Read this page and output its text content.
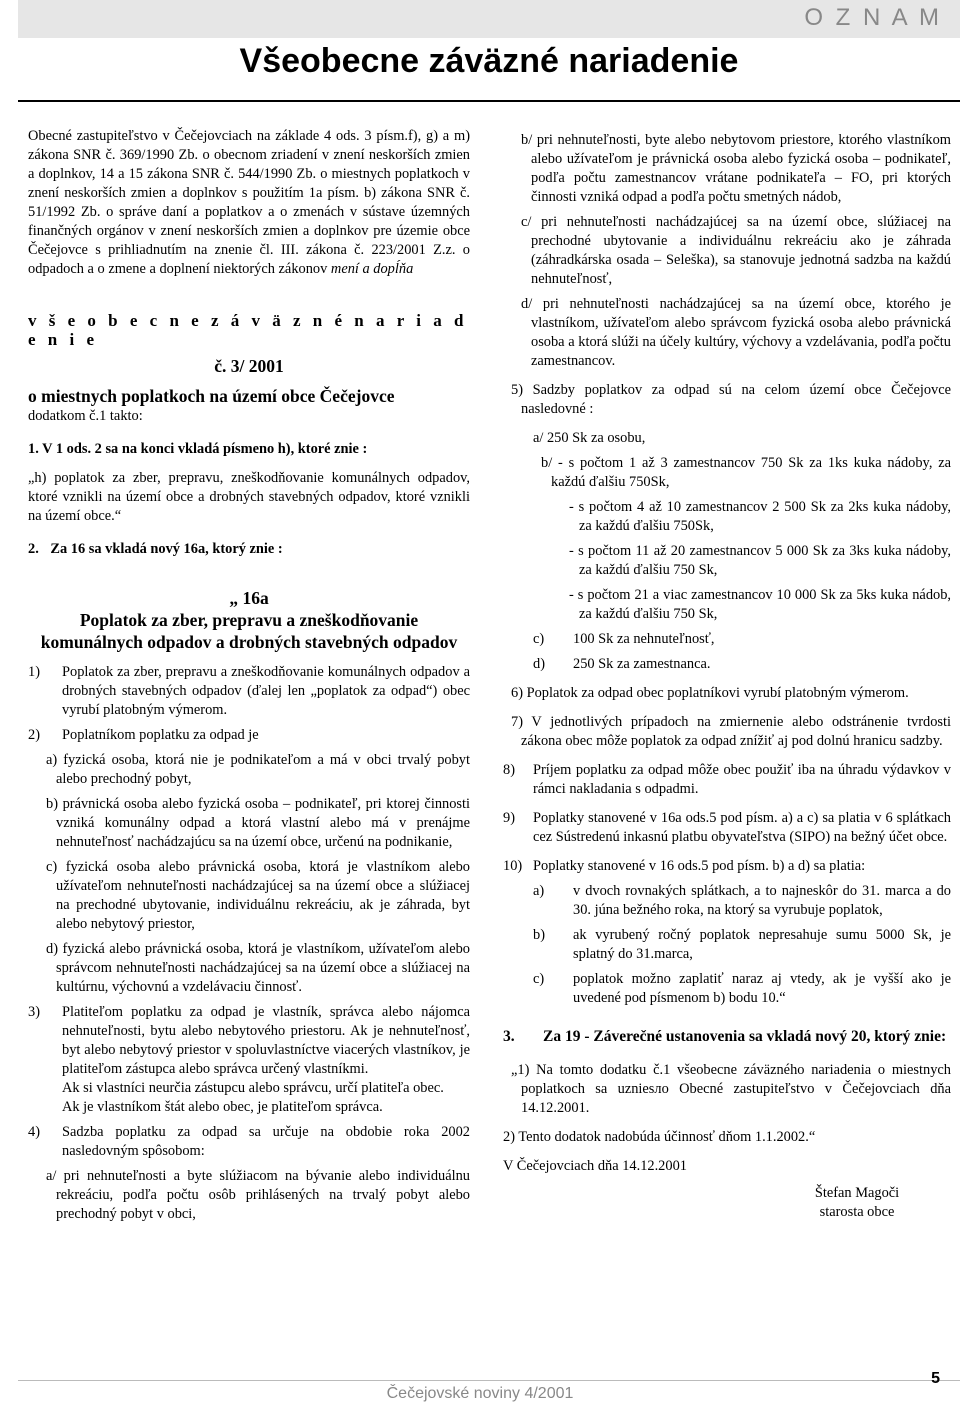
O Z N A M
Všeobecne záväzné nariadenie

Obecné zastupiteľstvo v Čečejovciach na základe 4 ods. 3 písm.f), g) a m) zákona SNR č. 369/1990 Zb. o obecnom zriadení v znení neskorších zmien a doplnkov, 14 a 15 zákona SNR č. 544/1990 Zb. o miestnych poplatkoch v znení neskorších zmien a doplnkov s použitím 1a písm. b) zákona SNR č. 51/1992 Zb. o správe daní a poplatkov a o zmenách v sústave územných finančných orgánov v znení neskorších zmien a doplnkov pre územie obce Čečejovce s prihliadnutím na znenie čl. III. zákona č. 223/2001 Z.z. o odpadoch a o zmene a doplnení niektorých zákonov mení a dopĺňa

v š e o b e c n e z á v ä z n é n a r i a d e n i e

č. 3/ 2001

o miestnych poplatkoch na území obce Čečejovce

dodatkom č.1 takto:

1. V 1 ods. 2 sa na konci vkladá písmeno h), ktoré znie :

„h) poplatok za zber, prepravu, zneškodňovanie komunálnych odpadov, ktoré vznikli na území obce a drobných stavebných odpadov, ktoré vznikli na území obce.“

2. Za 16 sa vkladá nový 16a, ktorý znie :

„ 16a

Poplatok za zber, prepravu a zneškodňovanie komunálnych odpadov a drobných stavebných odpadov

1)	Poplatok za zber, prepravu a zneškodňovanie komunálnych odpadov a drobných stavebných odpadov (ďalej len „poplatok za odpad“) obec vyrubí platobným výmerom.
2)	Poplatníkom poplatku za odpad je

a) fyzická osoba, ktorá nie je podnikateľom a má v obci trvalý pobyt alebo prechodný pobyt,

b) právnická osoba alebo fyzická osoba – podnikateľ, pri ktorej činnosti vzniká komunálny odpad a ktorá vlastní alebo má v prenájme nehnuteľnosť nachádzajúcu sa na území obce, určenú na podnikanie,

c) fyzická osoba alebo právnická osoba, ktorá je vlastníkom alebo užívateľom nehnuteľnosti nachádzajúcej sa na území obce a slúžiacej na prechodné ubytovanie, individuálnu rekreáciu, ak je záhrada, byt alebo nebytový priestor,

d) fyzická alebo právnická osoba, ktorá je vlastníkom, užívateľom alebo správcom nehnuteľnosti nachádzajúcej sa na území obce a slúžiacej na kultúrnu, výchovnú a vzdelávaciu činnosť.

3)	Platiteľom poplatku za odpad je vlastník, správca alebo nájomca nehnuteľnosti, bytu alebo nebytového priestoru. Ak je nehnuteľnosť, byt alebo nebytový priestor v spoluvlastníctve viacerých vlastníkov, je platiteľom zástupca alebo správca určený vlastníkmi.

Ak si vlastníci neurčia zástupcu alebo správcu, určí platiteľa obec.

Ak je vlastníkom štát alebo obec, je platiteľom správca.

4)	Sadzba poplatku za odpad sa určuje na obdobie roka 2002 nasledovným spôsobom:

a/ pri nehnuteľnosti a byte slúžiacom na bývanie alebo individuálnu rekreáciu, podľa počtu osôb prihlásených na trvalý pobyt alebo prechodný pobyt v obci,

b/ pri nehnuteľnosti, byte alebo nebytovom priestore, ktorého vlastníkom alebo užívateľom je právnická osoba alebo fyzická osoba – podnikateľ, podľa počtu zamestnancov vrátane podnikateľa – FO, pri ktorých činnosti vzniká odpad a podľa počtu smetných nádob,

c/ pri nehnuteľnosti nachádzajúcej sa na území obce, slúžiacej na prechodné ubytovanie a individuálnu rekreáciu ako je záhrada (záhradkárska osada – Seleška), sa stanovuje jednotná sadzba na každú nehnuteľnosť,

d/ pri nehnuteľnosti nachádzajúcej sa na území obce, ktorého je vlastníkom, užívateľom alebo správcom fyzická osoba alebo právnická osoba a ktorá slúži na účely kultúry, výchovy a vzdelávania, podľa počtu zamestnancov.

5) Sadzby poplatkov za odpad sú na celom území obce Čečejovce nasledovné :

a/ 250 Sk za osobu,

b/ - s počtom 1 až 3 zamestnancov 750 Sk za 1ks kuka nádoby, za každú ďalšiu 750Sk,

- s počtom 4 až 10 zamestnancov 2 500 Sk za 2ks kuka nádoby, za každú ďalšiu 750Sk,

- s počtom 11 až 20 zamestnancov 5 000 Sk za 3ks kuka nádoby, za každú ďalšiu 750 Sk,

- s počtom 21 a viac zamestnancov 10 000 Sk za 5ks kuka nádob, za každú ďalšiu 750 Sk,

c)	100 Sk za nehnuteľnosť,
d)	250 Sk za zamestnanca.

6) Poplatok za odpad obec poplatníkovi vyrubí platobným výmerom.

7) V jednotlivých prípadoch na zmiernenie alebo odstránenie tvrdosti zákona obec môže poplatok za odpad znížiť aj pod dolnú hranicu sadzby.

8)	Príjem poplatku za odpad môže obec použiť iba na úhradu výdavkov v rámci nakladania s odpadmi.
9)	Poplatky stanovené v 16a ods.5 pod písm. a) a c) sa platia v 6 splátkach cez Sústredenú inkasnú platbu obyvateľstva (SIPO) na bežný účet obce.
10) Poplatky stanovené v 16 ods.5 pod písm. b) a d) sa platia:
a)	v dvoch rovnakých splátkach, a to najneskôr do 31. marca a do 30. júna bežného roka, na ktorý sa vyrubuje poplatok,
b)	ak vyrubený ročný poplatok nepresahuje sumu 5000 Sk, je splatný do 31.marca,
c)	poplatok možno zaplatiť naraz aj vtedy, ak je vyšší ako je uvedené pod písmenom b) bodu 10.“
3.	Za 19 - Záverečné ustanovenia sa vkladá nový 20, ktorý znie:

„1) Na tomto dodatku č.1 všeobecne záväzného nariadenia o miestnych poplatkoch sa uzniesло Obecné zastupiteľstvo v Čečejovciach dňa 14.12.2001.

2) Tento dodatok nadobúda účinnosť dňom 1.1.2002.“

V Čečejovciach dňa 14.12.2001

Štefan Magoči

starosta obce

Čečejovské noviny 4/2001
5
